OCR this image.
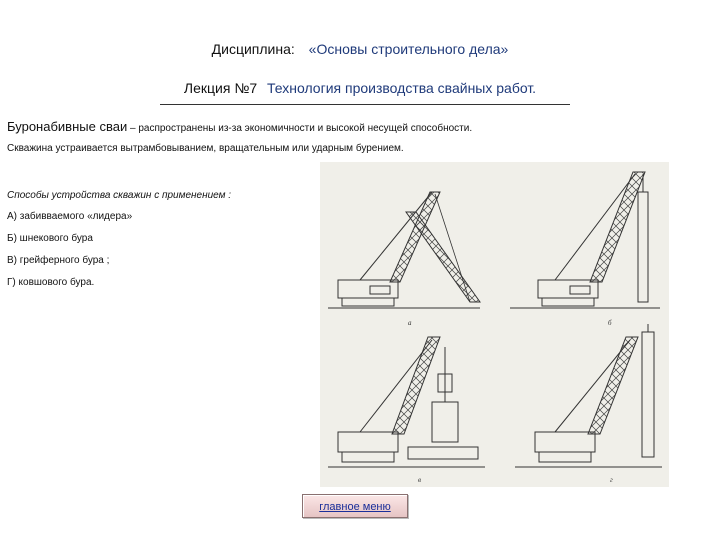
Дисциплина: «Основы строительного дела»
Лекция №7 Технология производства свайных работ.
Буронабивные сваи – распространены из-за экономичности и высокой несущей способности.
Скважина устраивается вытрамбовыванием, вращательным или ударным бурением.
Способы устройства скважин с применением :
А) забивваемого «лидера»
Б) шнекового бура
В) грейферного бура ;
Г) ковшового бура.
а	б
в	г
главное меню
